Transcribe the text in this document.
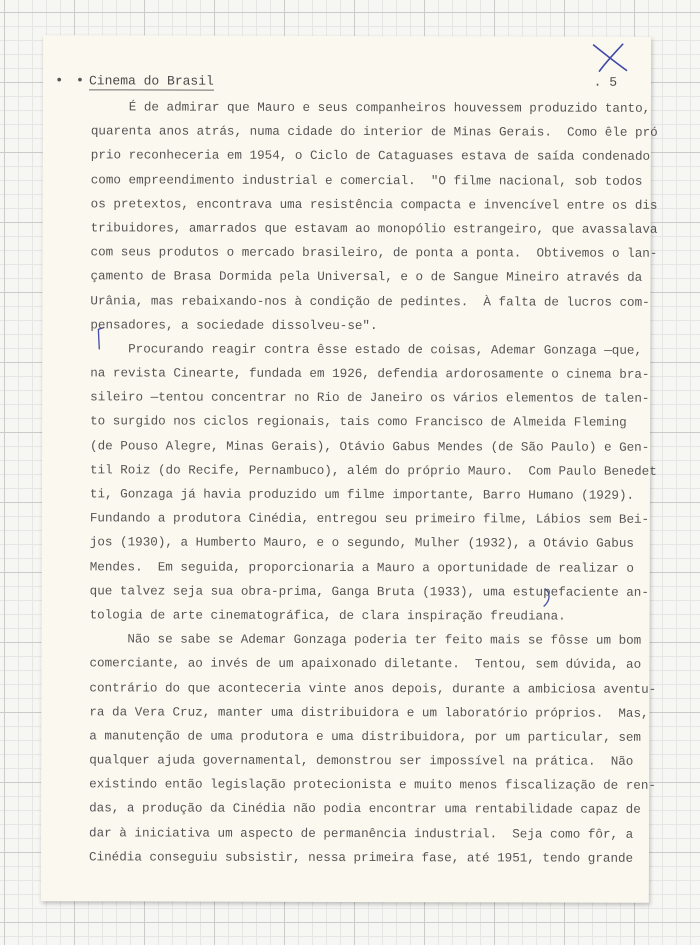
• • Cinema do Brasil	. 5
É de admirar que Mauro e seus companheiros houvessem produzido tanto,
quarenta anos atrás, numa cidade do interior de Minas Gerais.  Como êle pró
prio reconheceria em 1954, o Ciclo de Cataguases estava de saída condenado
como empreendimento industrial e comercial.  "O filme nacional, sob todos
os pretextos, encontrava uma resistência compacta e invencível entre os dis
tribuidores, amarrados que estavam ao monopólio estrangeiro, que avassalava
com seus produtos o mercado brasileiro, de ponta a ponta.  Obtivemos o lan-
çamento de Brasa Dormida pela Universal, e o de Sangue Mineiro através da
Urânia, mas rebaixando-nos à condição de pedintes.  À falta de lucros com-
pensadores, a sociedade dissolveu-se".
Procurando reagir contra êsse estado de coisas, Ademar Gonzaga —que,
na revista Cinearte, fundada em 1926, defendia ardorosamente o cinema bra-
sileiro —tentou concentrar no Rio de Janeiro os vários elementos de talen-
to surgido nos ciclos regionais, tais como Francisco de Almeida Fleming
(de Pouso Alegre, Minas Gerais), Otávio Gabus Mendes (de São Paulo) e Gen-
til Roiz (do Recife, Pernambuco), além do próprio Mauro.  Com Paulo Benedet
ti, Gonzaga já havia produzido um filme importante, Barro Humano (1929).
Fundando a produtora Cinédia, entregou seu primeiro filme, Lábios sem Bei-
jos (1930), a Humberto Mauro, e o segundo, Mulher (1932), a Otávio Gabus
Mendes.  Em seguida, proporcionaria a Mauro a oportunidade de realizar o
que talvez seja sua obra-prima, Ganga Bruta (1933), uma estupefaciente an-
tologia de arte cinematográfica, de clara inspiração freudiana.
Não se sabe se Ademar Gonzaga poderia ter feito mais se fôsse um bom
comerciante, ao invés de um apaixonado diletante.  Tentou, sem dúvida, ao
contrário do que aconteceria vinte anos depois, durante a ambiciosa aventu-
ra da Vera Cruz, manter uma distribuidora e um laboratório próprios.  Mas,
a manutenção de uma produtora e uma distribuidora, por um particular, sem
qualquer ajuda governamental, demonstrou ser impossível na prática.  Não
existindo então legislação protecionista e muito menos fiscalização de ren-
das, a produção da Cinédia não podia encontrar uma rentabilidade capaz de
dar à iniciativa um aspecto de permanência industrial.  Seja como fôr, a
Cinédia conseguiu subsistir, nessa primeira fase, até 1951, tendo grande
